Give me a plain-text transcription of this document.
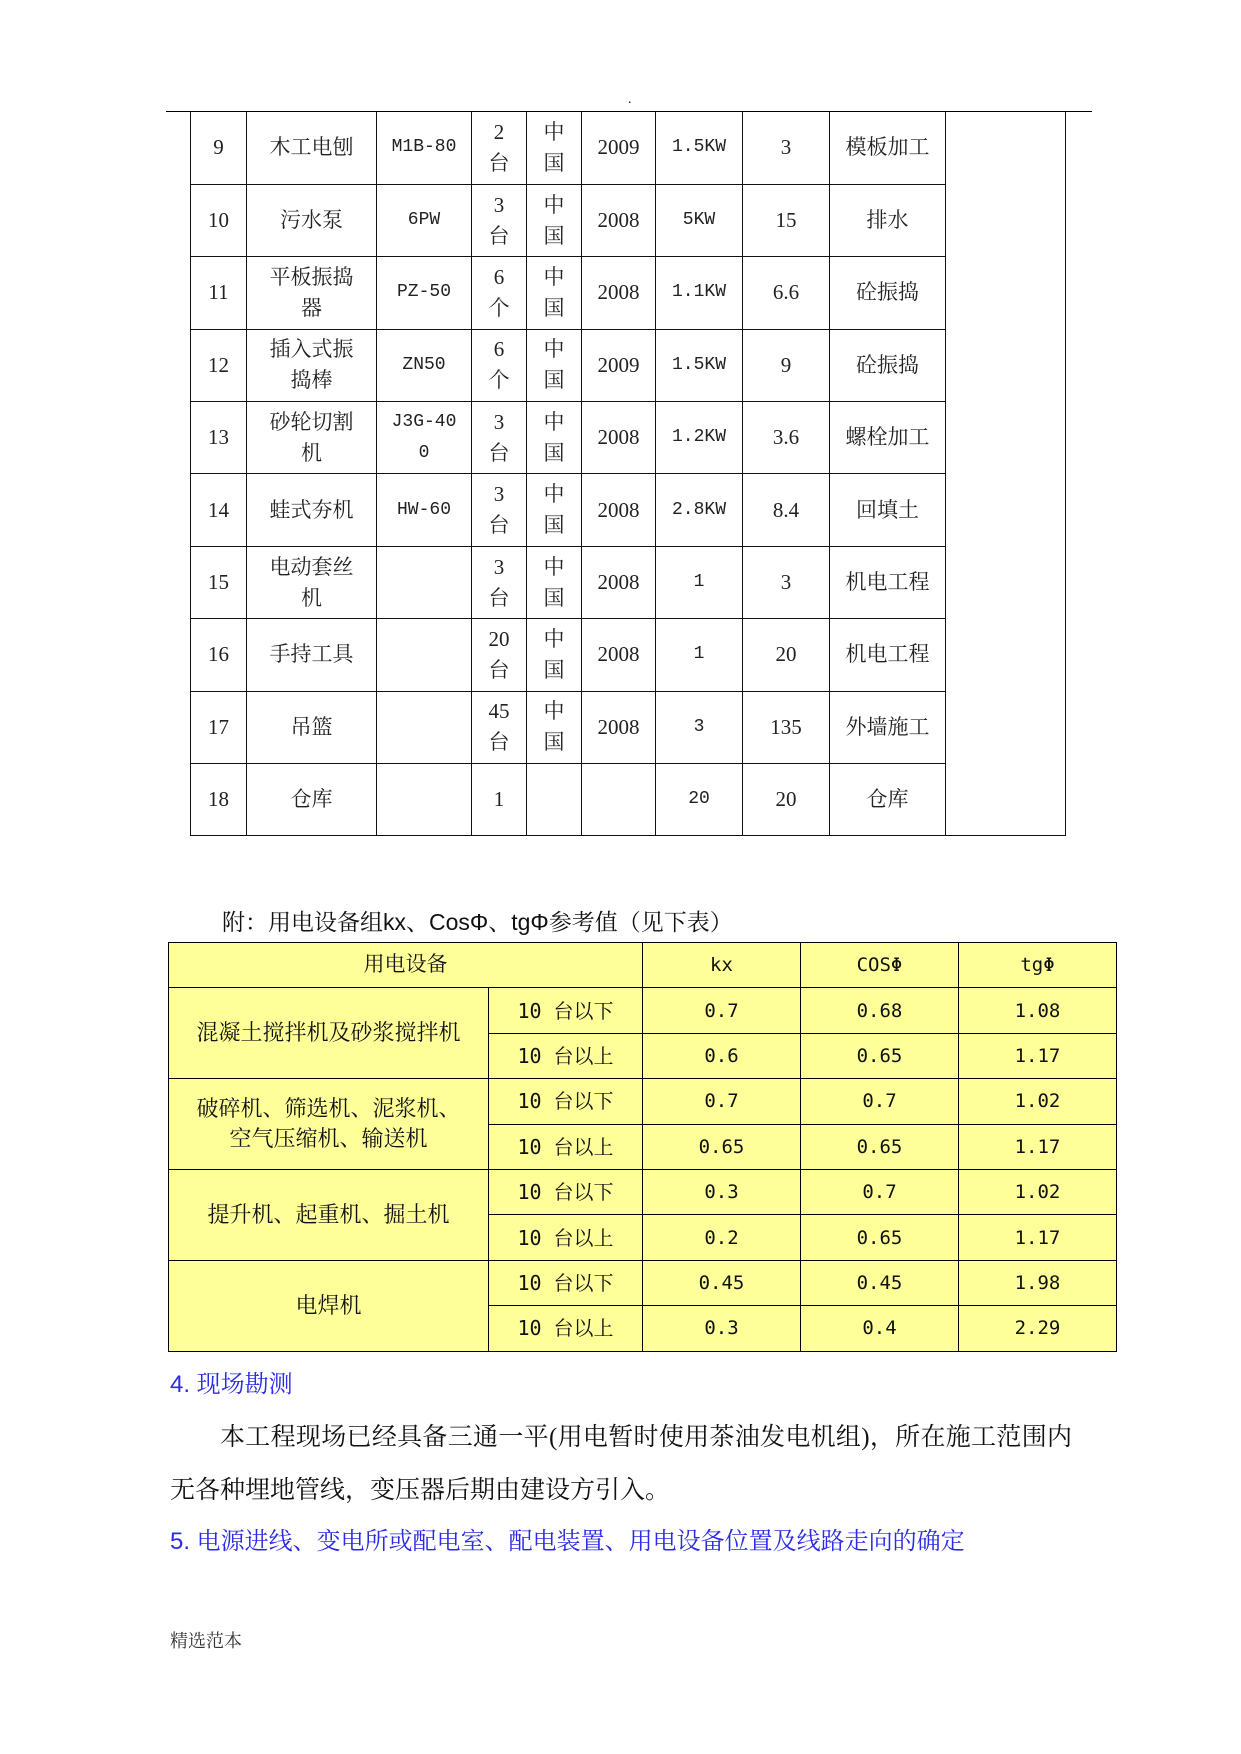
.
9	木工电刨	M1B-80	2台	中国	2009	1.5KW	3	模板加工	
10	污水泵	6PW	3台	中国	2008	5KW	15	排水	
11	平板振捣器	PZ-50	6个	中国	2008	1.1KW	6.6	砼振捣	
12	插入式振捣棒	ZN50	6个	中国	2009	1.5KW	9	砼振捣	
13	砂轮切割机	J3G-400	3台	中国	2008	1.2KW	3.6	螺栓加工	
14	蛙式夯机	HW-60	3台	中国	2008	2.8KW	8.4	回填土	
15	电动套丝机		3台	中国	2008	1	3	机电工程	
16	手持工具		20台	中国	2008	1	20	机电工程	
17	吊篮		45台	中国	2008	3	135	外墙施工	
18	仓库		1			20	20	仓库	
附：用电设备组kx、CosΦ、tgΦ参考值（见下表）
用电设备		kx	COSΦ	tgΦ
混凝土搅拌机及砂浆搅拌机	10 台以下	0.7	0.68	1.08
	10 台以上	0.6	0.65	1.17
破碎机、筛选机、泥浆机、空气压缩机、输送机	10 台以下	0.7	0.7	1.02
	10 台以上	0.65	0.65	1.17
提升机、起重机、掘土机	10 台以下	0.3	0.7	1.02
	10 台以上	0.2	0.65	1.17
电焊机	10 台以下	0.45	0.45	1.98
	10 台以上	0.3	0.4	2.29
4. 现场勘测
本工程现场已经具备三通一平(用电暂时使用茶油发电机组)，所在施工范围内无各种埋地管线，变压器后期由建设方引入。
5. 电源进线、变电所或配电室、配电装置、用电设备位置及线路走向的确定
精选范本
